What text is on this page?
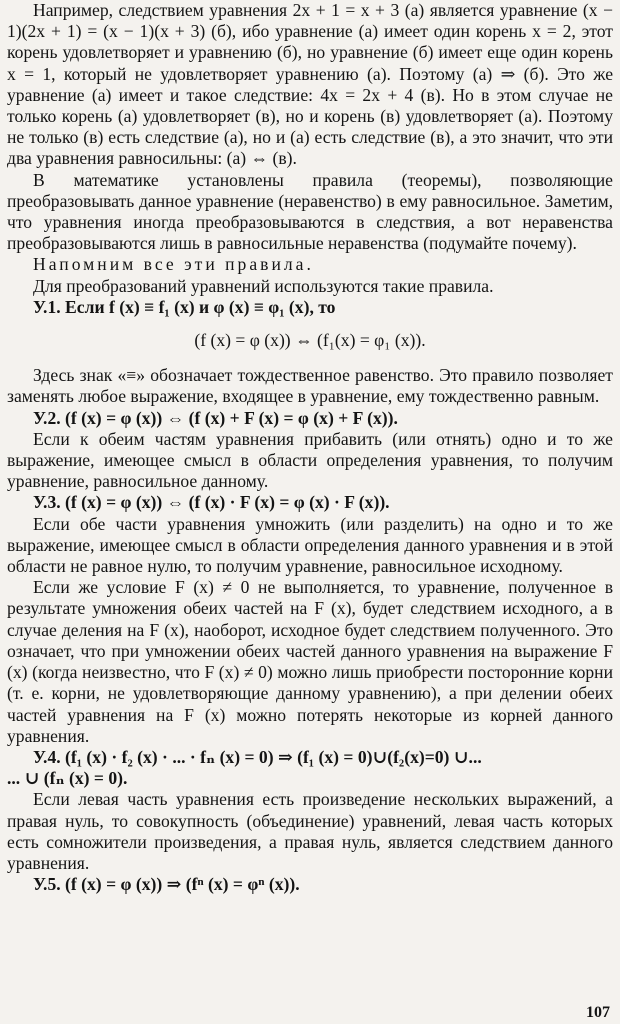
Например, следствием уравнения 2x + 1 = x + 3 (а) является уравнение (x − 1)(2x + 1) = (x − 1)(x + 3) (б), ибо уравнение (а) имеет один корень x = 2, этот корень удовлетворяет и уравнению (б), но уравнение (б) имеет еще один корень x = 1, который не удовлетворяет уравнению (а). Поэтому (а) ⇒ (б). Это же уравнение (а) имеет и такое следствие: 4x = 2x + 4 (в). Но в этом случае не только корень (а) удовлетворяет (в), но и корень (в) удовлетворяет (а). Поэтому не только (в) есть следствие (а), но и (а) есть следствие (в), а это значит, что эти два уравнения равносильны: (а) ⇔ (в).

В математике установлены правила (теоремы), позволяющие преобразовывать данное уравнение (неравенство) в ему равносильное. Заметим, что уравнения иногда преобразовываются в следствия, а вот неравенства преобразовываются лишь в равносильные неравенства (подумайте почему).

Напомним все эти правила.

Для преобразований уравнений используются такие правила.

У.1. Если f (x) ≡ f₁ (x) и φ (x) ≡ φ₁ (x), то

(f (x) = φ (x)) ⇔ (f₁(x) = φ₁ (x)).

Здесь знак «≡» обозначает тождественное равенство. Это правило позволяет заменять любое выражение, входящее в уравнение, ему тождественно равным.

У.2. (f (x) = φ (x)) ⇔ (f (x) + F (x) = φ (x) + F (x)).

Если к обеим частям уравнения прибавить (или отнять) одно и то же выражение, имеющее смысл в области определения уравнения, то получим уравнение, равносильное данному.

У.3. (f (x) = φ (x)) ⇔ (f (x) · F (x) = φ (x) · F (x)).

Если обе части уравнения умножить (или разделить) на одно и то же выражение, имеющее смысл в области определения данного уравнения и в этой области не равное нулю, то получим уравнение, равносильное исходному.

Если же условие F (x) ≠ 0 не выполняется, то уравнение, полученное в результате умножения обеих частей на F (x), будет следствием исходного, а в случае деления на F (x), наоборот, исходное будет следствием полученного. Это означает, что при умножении обеих частей данного уравнения на выражение F (x) (когда неизвестно, что F (x) ≠ 0) можно лишь приобрести посторонние корни (т. е. корни, не удовлетворяющие данному уравнению), а при делении обеих частей уравнения на F (x) можно потерять некоторые из корней данного уравнения.

У.4. (f₁ (x) · f₂ (x) · ... · fₙ (x) = 0) ⇒ (f₁ (x) = 0)∪(f₂(x)=0) ∪...

... ∪ (fₙ (x) = 0).

Если левая часть уравнения есть произведение нескольких выражений, а правая нуль, то совокупность (объединение) уравнений, левая часть которых есть сомножители произведения, а правая нуль, является следствием данного уравнения.

У.5. (f (x) = φ (x)) ⇒ (fⁿ (x) = φⁿ (x)).

107
